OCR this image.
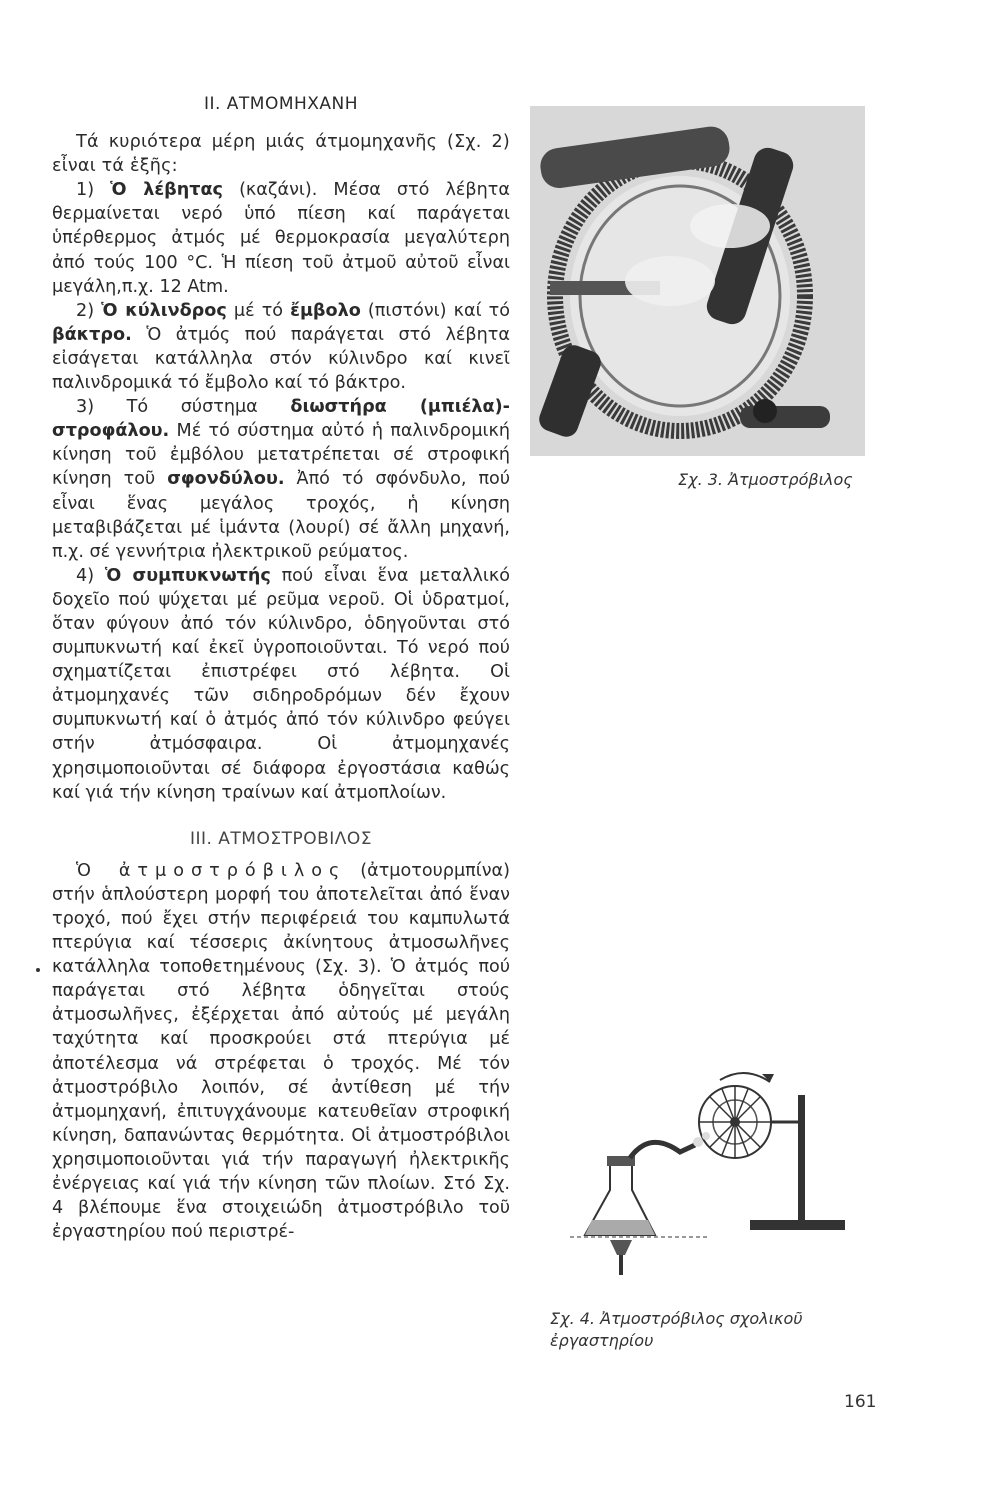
ΙΙ. ΑΤΜΟΜΗΧΑΝΗ

Τά κυριότερα μέρη μιάς άτμομηχανῆς (Σχ. 2) εἶναι τά ἑξῆς:

1) Ὁ λέβητας (καζάνι). Μέσα στό λέβητα θερμαίνεται νερό ὑπό πίεση καί παράγεται ὑπέρθερμος ἀτμός μέ θερμοκρασία μεγαλύτερη ἀπό τούς 100 °C. Ἡ πίεση τοῦ ἀτμοῦ αὐτοῦ εἶναι μεγάλη,π.χ. 12 Atm.

2) Ὁ κύλινδρος μέ τό ἔμβολο (πιστόνι) καί τό βάκτρο. Ὁ ἀτμός πού παράγεται στό λέβητα εἰσάγεται κατάλληλα στόν κύλινδρο καί κινεῖ παλινδρομικά τό ἔμβολο καί τό βάκτρο.

3) Τό σύστημα διωστήρα (μπιέλα)-στροφάλου. Μέ τό σύστημα αὐτό ἡ παλινδρομική κίνηση τοῦ ἐμβόλου μετατρέπεται σέ στροφική κίνηση τοῦ σφονδύλου. Ἀπό τό σφόνδυλο, πού εἶναι ἕνας μεγάλος τροχός, ἡ κίνηση μεταβιβάζεται μέ ἱμάντα (λουρί) σέ ἄλλη μηχανή, π.χ. σέ γεννήτρια ἠλεκτρικοῦ ρεύματος.

4) Ὁ συμπυκνωτής πού εἶναι ἕνα μεταλλικό δοχεῖο πού ψύχεται μέ ρεῦμα νεροῦ. Οἱ ὑδρατμοί, ὅταν φύγουν ἀπό τόν κύλινδρο, ὁδηγοῦνται στό συμπυκνωτή καί ἐκεῖ ὑγροποιοῦνται. Τό νερό πού σχηματίζεται ἐπιστρέφει στό λέβητα. Οἱ ἀτμομηχανές τῶν σιδηροδρόμων δέν ἔχουν συμπυκνωτή καί ὁ ἀτμός ἀπό τόν κύλινδρο φεύγει στήν ἀτμόσφαιρα. Οἱ ἀτμομηχανές χρησιμοποιοῦνται σέ διάφορα ἐργοστάσια καθώς καί γιά τήν κίνηση τραίνων καί ἀτμοπλοίων.

ΙΙΙ. ΑΤΜΟΣΤΡΟΒΙΛΟΣ

Ὁ ἀτμοστρόβιλος (ἀτμοτουρμπίνα) στήν ἁπλούστερη μορφή του ἀποτελεῖται ἀπό ἕναν τροχό, πού ἔχει στήν περιφέρειά του καμπυλωτά πτερύγια καί τέσσερις ἀκίνητους ἀτμοσωλῆνες κατάλληλα τοποθετημένους (Σχ. 3). Ὁ ἀτμός πού παράγεται στό λέβητα ὁδηγεῖται στούς ἀτμοσωλῆνες, ἐξέρχεται ἀπό αὐτούς μέ μεγάλη ταχύτητα καί προσκρούει στά πτερύγια μέ ἀποτέλεσμα νά στρέφεται ὁ τροχός. Μέ τόν ἀτμοστρόβιλο λοιπόν, σέ ἀντίθεση μέ τήν ἀτμομηχανή, ἐπιτυγχάνουμε κατευθεῖαν στροφική κίνηση, δαπανώντας θερμότητα. Οἱ ἀτμοστρόβιλοι χρησιμοποιοῦνται γιά τήν παραγωγή ἠλεκτρικῆς ἐνέργειας καί γιά τήν κίνηση τῶν πλοίων. Στό Σχ. 4 βλέπουμε ἕνα στοιχειώδη ἀτμοστρόβιλο τοῦ ἐργαστηρίου πού περιστρέ-

Σχ. 3. Ἀτμοστρόβιλος
Σχ. 4. Ἀτμοστρόβιλος σχολικοῦ ἐργαστηρίου
161
